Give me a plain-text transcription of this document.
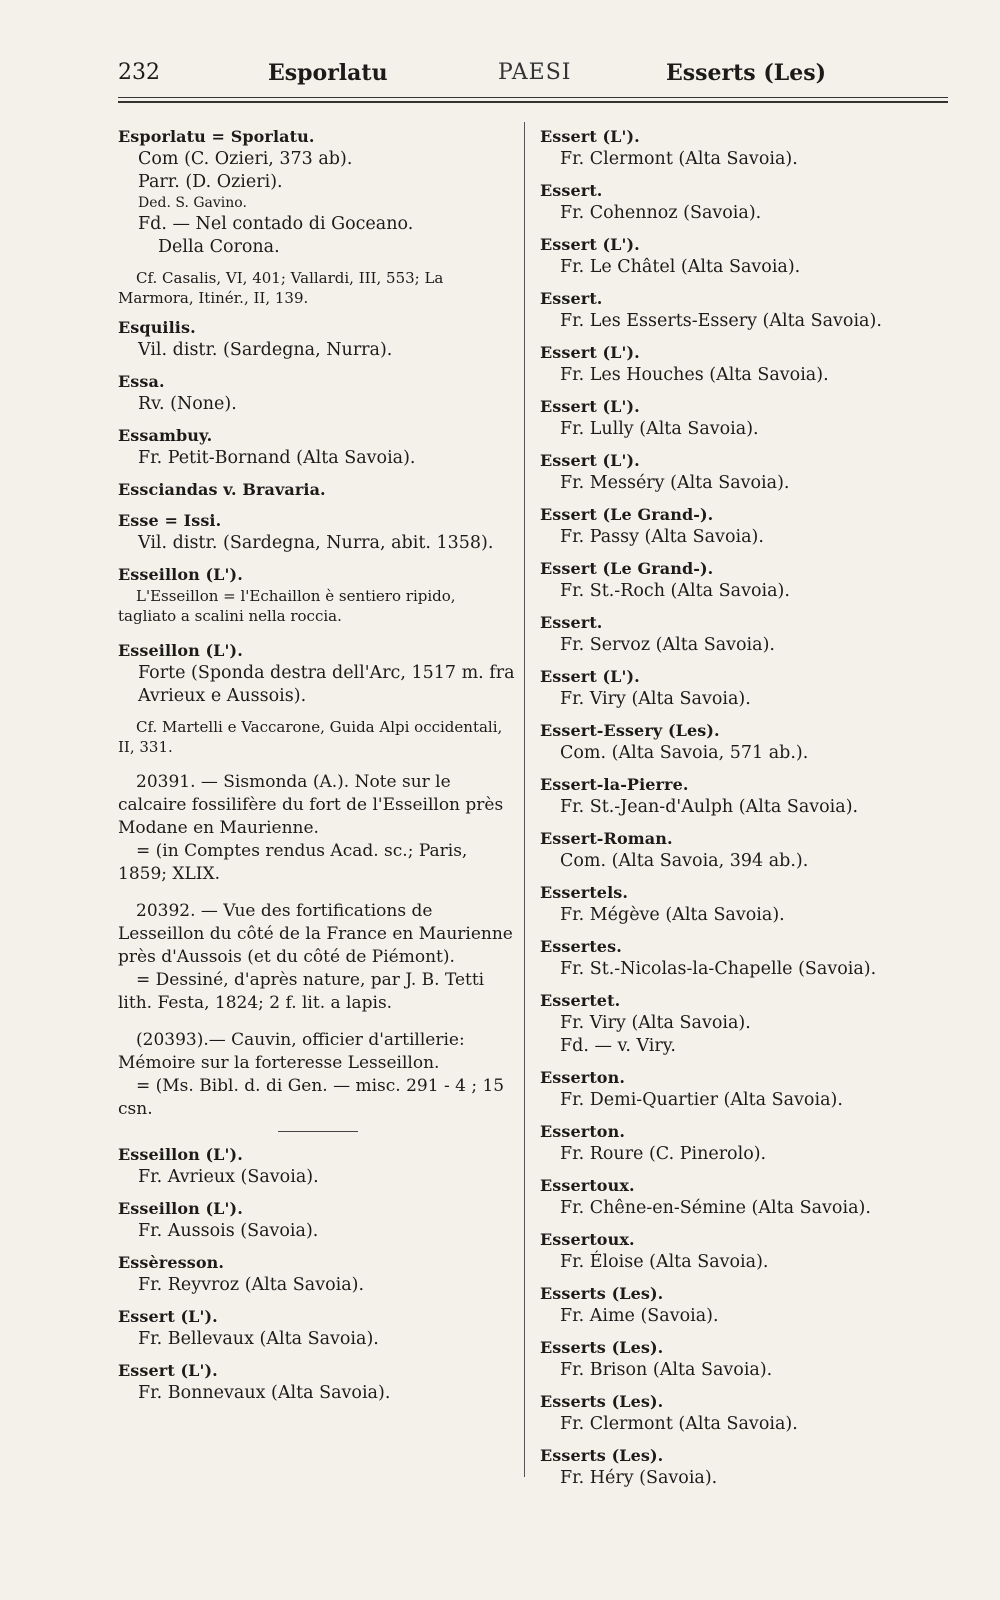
232	Esporlatu	PAESI	Esserts (Les)
Esporlatu = Sporlatu.
Com (C. Ozieri, 373 ab).
Parr. (D. Ozieri).
Ded. S. Gavino.
Fd. — Nel contado di Goceano.
Della Corona.
Cf. Casalis, VI, 401; Vallardi, III, 553; La Marmora, Itinér., II, 139.
Esquilis.
Vil. distr. (Sardegna, Nurra).
Essa.
Rv. (None).
Essambuy.
Fr. Petit-Bornand (Alta Savoia).
Essciandas v. Bravaria.
Esse = Issi.
Vil. distr. (Sardegna, Nurra, abit. 1358).
Esseillon (L').
L'Esseillon = l'Echaillon è sentiero ripido, tagliato a scalini nella roccia.
Esseillon (L').
Forte (Sponda destra dell'Arc, 1517 m. fra Avrieux e Aussois).
Cf. Martelli e Vaccarone, Guida Alpi occidentali, II, 331.
20391. — Sismonda (A.). Note sur le calcaire fossilifère du fort de l'Esseillon près Modane en Maurienne.
= (in Comptes rendus Acad. sc.; Paris, 1859; XLIX.
20392. — Vue des fortifications de Lesseillon du côté de la France en Maurienne près d'Aussois (et du côté de Piémont).
= Dessiné, d'après nature, par J. B. Tetti lith. Festa, 1824; 2 f. lit. a lapis.
(20393).— Cauvin, officier d'artillerie: Mémoire sur la forteresse Lesseillon.
= (Ms. Bibl. d. di Gen. — misc. 291 - 4 ; 15 csn.
Esseillon (L').
Fr. Avrieux (Savoia).
Esseillon (L').
Fr. Aussois (Savoia).
Essèresson.
Fr. Reyvroz (Alta Savoia).
Essert (L').
Fr. Bellevaux (Alta Savoia).
Essert (L').
Fr. Bonnevaux (Alta Savoia).
Essert (L').
Fr. Clermont (Alta Savoia).
Essert.
Fr. Cohennoz (Savoia).
Essert (L').
Fr. Le Châtel (Alta Savoia).
Essert.
Fr. Les Esserts-Essery (Alta Savoia).
Essert (L').
Fr. Les Houches (Alta Savoia).
Essert (L').
Fr. Lully (Alta Savoia).
Essert (L').
Fr. Messéry (Alta Savoia).
Essert (Le Grand-).
Fr. Passy (Alta Savoia).
Essert (Le Grand-).
Fr. St.-Roch (Alta Savoia).
Essert.
Fr. Servoz (Alta Savoia).
Essert (L').
Fr. Viry (Alta Savoia).
Essert-Essery (Les).
Com. (Alta Savoia, 571 ab.).
Essert-la-Pierre.
Fr. St.-Jean-d'Aulph (Alta Savoia).
Essert-Roman.
Com. (Alta Savoia, 394 ab.).
Essertels.
Fr. Mégève (Alta Savoia).
Essertes.
Fr. St.-Nicolas-la-Chapelle (Savoia).
Essertet.
Fr. Viry (Alta Savoia).
Fd. — v. Viry.
Esserton.
Fr. Demi-Quartier (Alta Savoia).
Esserton.
Fr. Roure (C. Pinerolo).
Essertoux.
Fr. Chêne-en-Sémine (Alta Savoia).
Essertoux.
Fr. Éloise (Alta Savoia).
Esserts (Les).
Fr. Aime (Savoia).
Esserts (Les).
Fr. Brison (Alta Savoia).
Esserts (Les).
Fr. Clermont (Alta Savoia).
Esserts (Les).
Fr. Héry (Savoia).
